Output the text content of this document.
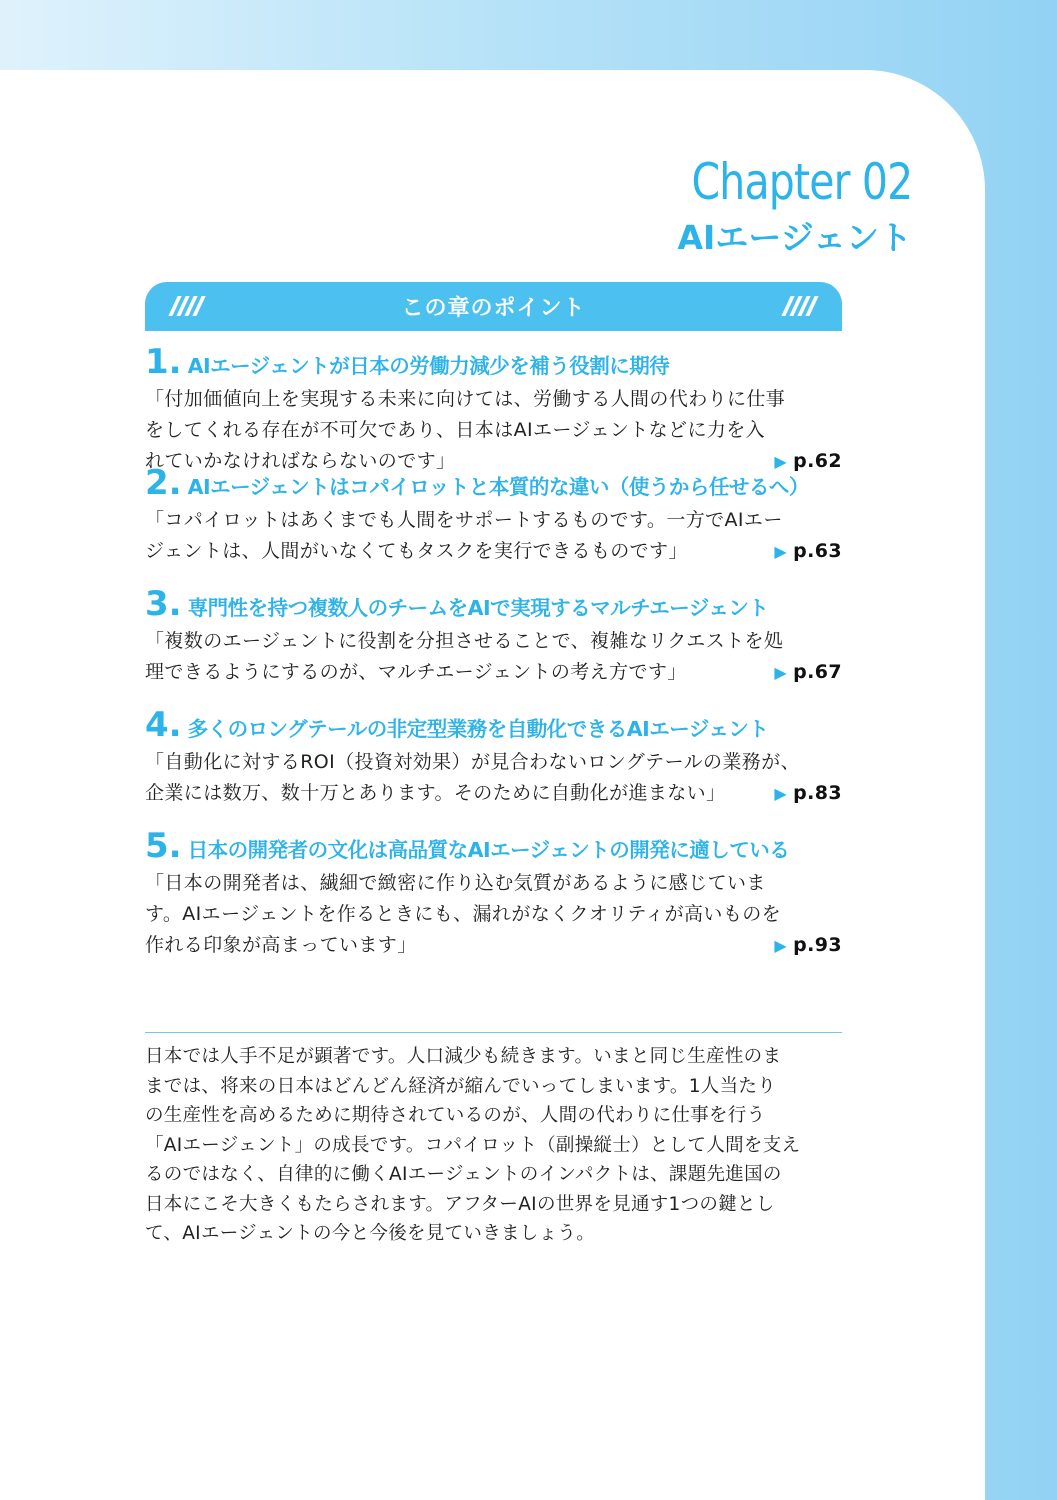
Chapter 02
AIエージェント
この章のポイント
1. AIエージェントが日本の労働力減少を補う役割に期待
「付加価値向上を実現する未来に向けては、労働する人間の代わりに仕事
をしてくれる存在が不可欠であり、日本はAIエージェントなどに力を入
れていかなければならないのです」	▶ p.62
2. AIエージェントはコパイロットと本質的な違い（使うから任せるへ）
「コパイロットはあくまでも人間をサポートするものです。一方でAIエー
ジェントは、人間がいなくてもタスクを実行できるものです」	▶ p.63
3. 専門性を持つ複数人のチームをAIで実現するマルチエージェント
「複数のエージェントに役割を分担させることで、複雑なリクエストを処
理できるようにするのが、マルチエージェントの考え方です」	▶ p.67
4. 多くのロングテールの非定型業務を自動化できるAIエージェント
「自動化に対するROI（投資対効果）が見合わないロングテールの業務が、
企業には数万、数十万とあります。そのために自動化が進まない」	▶ p.83
5. 日本の開発者の文化は高品質なAIエージェントの開発に適している
「日本の開発者は、繊細で緻密に作り込む気質があるように感じていま
す。AIエージェントを作るときにも、漏れがなくクオリティが高いものを
作れる印象が高まっています」	▶ p.93

日本では人手不足が顕著です。人口減少も続きます。いまと同じ生産性のま

までは、将来の日本はどんどん経済が縮んでいってしまいます。1人当たり

の生産性を高めるために期待されているのが、人間の代わりに仕事を行う

「AIエージェント」の成長です。コパイロット（副操縦士）として人間を支え

るのではなく、自律的に働くAIエージェントのインパクトは、課題先進国の

日本にこそ大きくもたらされます。アフターAIの世界を見通す1つの鍵とし

て、AIエージェントの今と今後を見ていきましょう。
